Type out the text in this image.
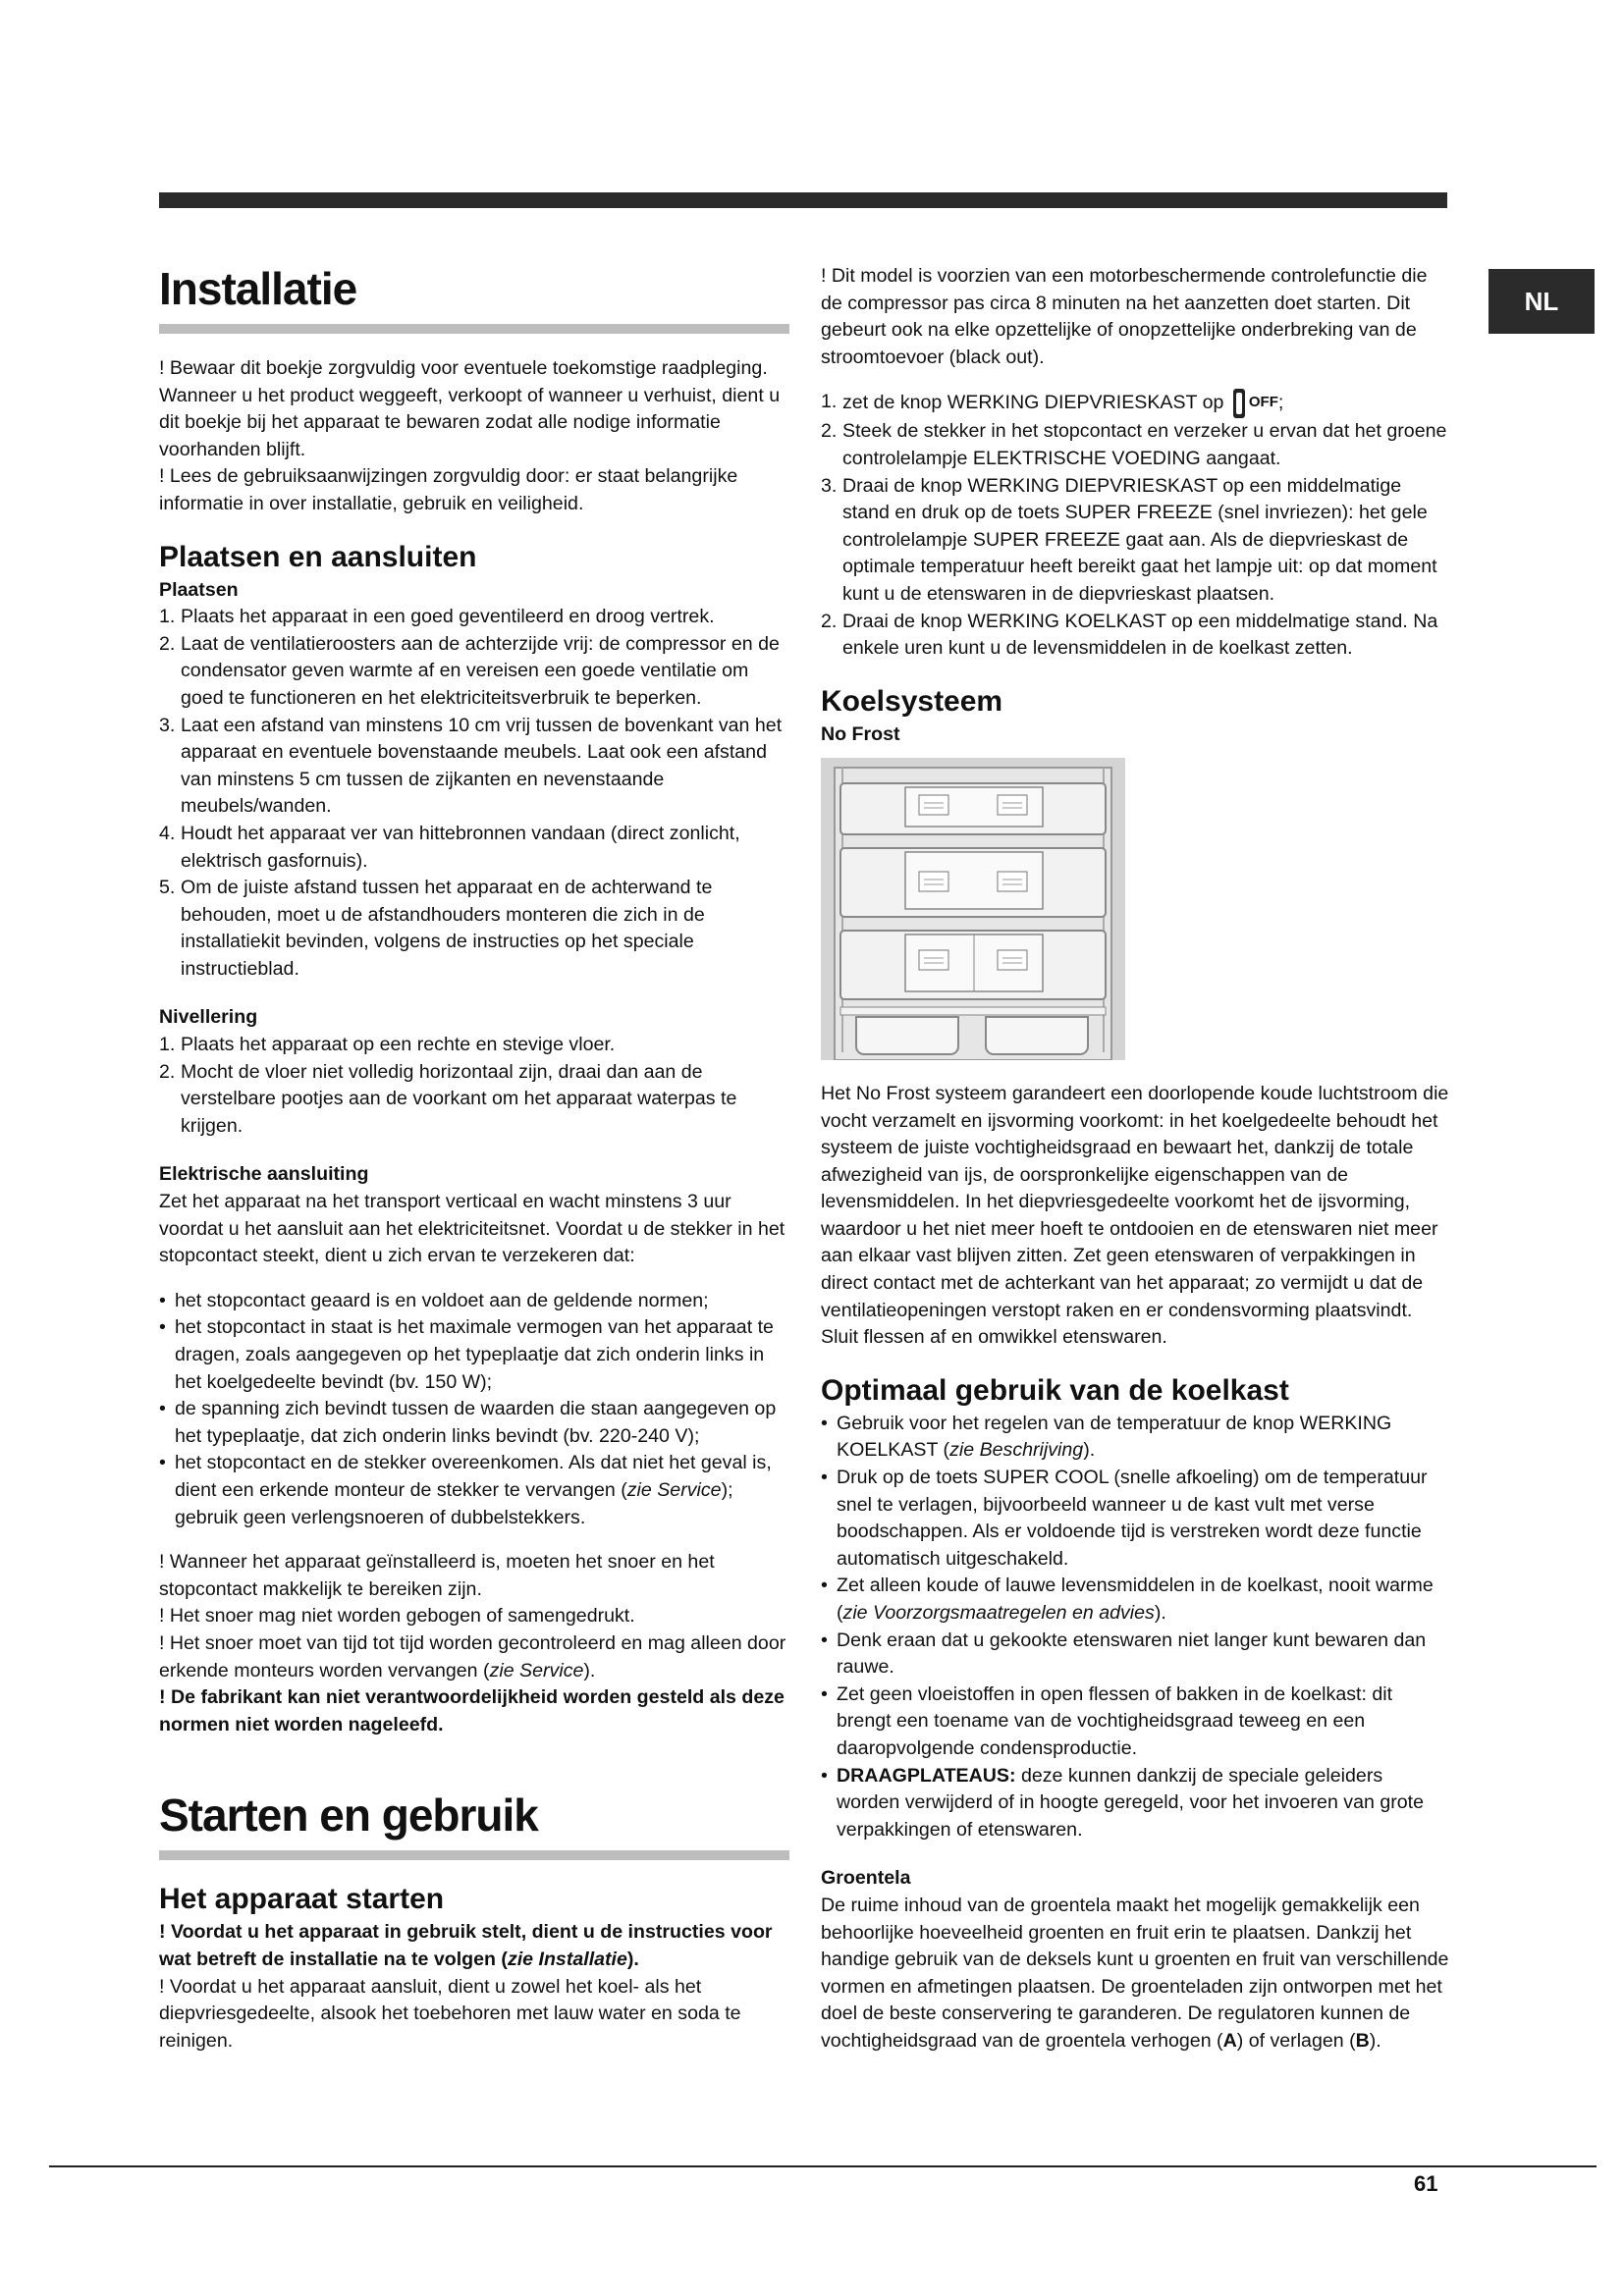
NL
Installatie

! Bewaar dit boekje zorgvuldig voor eventuele toekomstige raadpleging. Wanneer u het product weggeeft, verkoopt of wanneer u verhuist, dient u dit boekje bij het apparaat te bewaren zodat alle nodige informatie voorhanden blijft.

! Lees de gebruiksaanwijzingen zorgvuldig door: er staat belangrijke informatie in over installatie, gebruik en veiligheid.

Plaatsen en aansluiten
Plaatsen
1. Plaats het apparaat in een goed geventileerd en droog vertrek.
2. Laat de ventilatieroosters aan de achterzijde vrij: de compressor en de condensator geven warmte af en vereisen een goede ventilatie om goed te functioneren en het elektriciteitsverbruik te beperken.
3. Laat een afstand van minstens 10 cm vrij tussen de bovenkant van het apparaat en eventuele bovenstaande meubels. Laat ook een afstand van minstens 5 cm tussen de zijkanten en nevenstaande meubels/wanden.
4. Houdt het apparaat ver van hittebronnen vandaan (direct zonlicht, elektrisch gasfornuis).
5. Om de juiste afstand tussen het apparaat en de achterwand te behouden, moet u de afstandhouders monteren die zich in de installatiekit bevinden, volgens de instructies op het speciale instructieblad.
Nivellering
1. Plaats het apparaat op een rechte en stevige vloer.
2. Mocht de vloer niet volledig horizontaal zijn, draai dan aan de verstelbare pootjes aan de voorkant om het apparaat waterpas te krijgen.
Elektrische aansluiting

Zet het apparaat na het transport verticaal en wacht minstens 3 uur voordat u het aansluit aan het elektriciteitsnet. Voordat u de stekker in het stopcontact steekt, dient u zich ervan te verzekeren dat:

• het stopcontact geaard is en voldoet aan de geldende normen;
• het stopcontact in staat is het maximale vermogen van het apparaat te dragen, zoals aangegeven op het typeplaatje dat zich onderin links in het koelgedeelte bevindt (bv. 150 W);
• de spanning zich bevindt tussen de waarden die staan aangegeven op het typeplaatje, dat zich onderin links bevindt (bv. 220-240 V);
• het stopcontact en de stekker overeenkomen. Als dat niet het geval is, dient een erkende monteur de stekker te vervangen (zie Service); gebruik geen verlengsnoeren of dubbelstekkers.

! Wanneer het apparaat geïnstalleerd is, moeten het snoer en het stopcontact makkelijk te bereiken zijn.

! Het snoer mag niet worden gebogen of samengedrukt.

! Het snoer moet van tijd tot tijd worden gecontroleerd en mag alleen door erkende monteurs worden vervangen (zie Service).

! De fabrikant kan niet verantwoordelijkheid worden gesteld als deze normen niet worden nageleefd.

Starten en gebruik
Het apparaat starten

! Voordat u het apparaat in gebruik stelt, dient u de instructies voor wat betreft de installatie na te volgen (zie Installatie).

! Voordat u het apparaat aansluit, dient u zowel het koel- als het diepvriesgedeelte, alsook het toebehoren met lauw water en soda te reinigen.

! Dit model is voorzien van een motorbeschermende controlefunctie die de compressor pas circa 8 minuten na het aanzetten doet starten. Dit gebeurt ook na elke opzettelijke of onopzettelijke onderbreking van de stroomtoevoer (black out).

1. zet de knop WERKING DIEPVRIESKAST op $^{OFF}$;
2. Steek de stekker in het stopcontact en verzeker u ervan dat het groene controlelampje ELEKTRISCHE VOEDING aangaat.
3. Draai de knop WERKING DIEPVRIESKAST op een middelmatige stand en druk op de toets SUPER FREEZE (snel invriezen): het gele controlelampje SUPER FREEZE gaat aan. Als de diepvrieskast de optimale temperatuur heeft bereikt gaat het lampje uit: op dat moment kunt u de etenswaren in de diepvrieskast plaatsen.
2. Draai de knop WERKING KOELKAST op een middelmatige stand. Na enkele uren kunt u de levensmiddelen in de koelkast zetten.
Koelsysteem
No Frost

Het No Frost systeem garandeert een doorlopende koude luchtstroom die vocht verzamelt en ijsvorming voorkomt: in het koelgedeelte behoudt het systeem de juiste vochtigheidsgraad en bewaart het, dankzij de totale afwezigheid van ijs, de oorspronkelijke eigenschappen van de levensmiddelen. In het diepvriesgedeelte voorkomt het de ijsvorming, waardoor u het niet meer hoeft te ontdooien en de etenswaren niet meer aan elkaar vast blijven zitten. Zet geen etenswaren of verpakkingen in direct contact met de achterkant van het apparaat; zo vermijdt u dat de ventilatieopeningen verstopt raken en er condensvorming plaatsvindt. Sluit flessen af en omwikkel etenswaren.

Optimaal gebruik van de koelkast
• Gebruik voor het regelen van de temperatuur de knop WERKING KOELKAST (zie Beschrijving).
• Druk op de toets SUPER COOL (snelle afkoeling) om de temperatuur snel te verlagen, bijvoorbeeld wanneer u de kast vult met verse boodschappen. Als er voldoende tijd is verstreken wordt deze functie automatisch uitgeschakeld.
• Zet alleen koude of lauwe levensmiddelen in de koelkast, nooit warme (zie Voorzorgsmaatregelen en advies).
• Denk eraan dat u gekookte etenswaren niet langer kunt bewaren dan rauwe.
• Zet geen vloeistoffen in open flessen of bakken in de koelkast: dit brengt een toename van de vochtigheidsgraad teweeg en een daaropvolgende condensproductie.
• DRAAGPLATEAUS: deze kunnen dankzij de speciale geleiders worden verwijderd of in hoogte geregeld, voor het invoeren van grote verpakkingen of etenswaren.
Groentela

De ruime inhoud van de groentela maakt het mogelijk gemakkelijk een behoorlijke hoeveelheid groenten en fruit erin te plaatsen. Dankzij het handige gebruik van de deksels kunt u groenten en fruit van verschillende vormen en afmetingen plaatsen. De groenteladen zijn ontworpen met het doel de beste conservering te garanderen. De regulatoren kunnen de vochtigheidsgraad van de groentela verhogen (A) of verlagen (B).

61
